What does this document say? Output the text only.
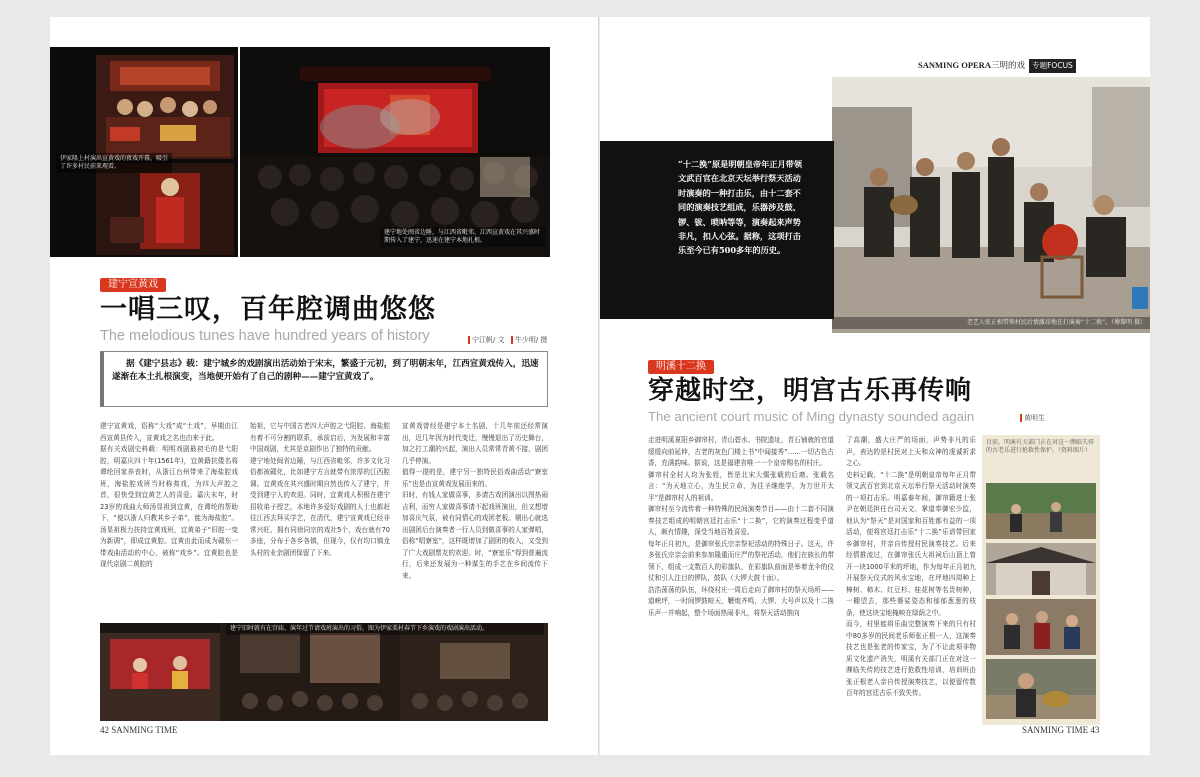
伊家隆上村演出宣黄戏的夜戏开幕，吸引了许多村民前来观看。
建宁地处闽省边陲，与江西省毗邻，江西宣黄戏在其兴盛时期传入了建宁，迅速在建宁本地扎根。
建宁宣黄戏
一唱三叹，百年腔调曲悠悠
The melodious tunes have hundred years of history	宁江帆/ 文 牛少明/ 摄
据《建宁县志》载：建宁城乡的戏剧演出活动始于宋末，繁盛于元初，到了明朝末年，江西宣黄戏传入，迅速遂渐在本土扎根演变，当地便开始有了自己的剧种——建宁宣黄戏了。
建宁宣黄戏，俗称“大戏”或“土戏”，早期由江西宣黄县传入，宣黄戏之名也由来于此。
据有关戏剧史料载：明明戏剧最初毛的是弋阳腔，明嘉庆四十年(1561年)，宜黄籍抗倭名将谭纶回家养丧时，从浙江台州带来了海盐腔戏班，海盐腔戏班当时称弗戏，为四大声腔之首，很快受到宜黄艺人的喜爱。嘉庆末年，时23岁的戏曲大师汤显祖到宜黄，在谭纶的帮助下，“便以浙人归教其乡子弟”，能为海盐腔”。汤显祖极力扶持宜黄戏班，宜黄弟子“旧腔一变为新调”，即成宜黄腔。宜黄由此而成为赣东一带戏曲活动的中心，被称“戏乡”。宜黄腔也是现代京剧二黄腔的
始祖，它与中国古老四大声腔之弋阳腔、海盐腔有着不可分割的联系，承前启后，为发展和丰富中国戏剧，尤其是京剧作出了独特的贡献。
建宁地处闽省边陲，与江西省毗邻，许多文化习俗都被赣化，比如建宁方言就带有浓厚的江西腔调。宜黄戏在其兴盛时期自然也传入了建宁，并受到建宁人的欢迎。同时，宜黄戏人积极在建宁招收弟子授艺，本地许多爱好戏剧的人士也都赶往江西去拜买学艺，在清代，建宁宣黄戏已经非常兴旺，拥有同徐同宗的戏社5个，戏台就有70多座，分布于各乡各镇，但现今，仅有均口镇龙头村的业余剧团保留了下来。
宣黄戏曾经是建宁本土名剧，十几年前还经常演出，近几年因为时代变迁，慢慢退出了历史舞台，加之打工潮的兴起，演出人员常常青黄不接，剧团几乎停演。
值得一提的是，建宁另一独特民俗戏曲活动“寮室乐”也是由宣黄戏发展而来的。
旧时，有钱人家做喜事，多请古戏团演出以图热闹吉利，而穷人家做喜事请不起戏班演出，但又想增加喜庆气氛，被有同情心的戏团老板。剔出心就选出剧团后台演奏者一行人员到做喜事的人家弹唱，俗称“唱寮室”，这样既增加了剧团的收入，又受到了广大戏剧票友的欢迎。时，“寮室乐”得到普遍流行，后来还发展为一种谋生的手艺在乡间流传下来。
建宁旧时就有在宫庙、演年过节请戏班演出的习俗。图为伊家栗村春节下乡演戏的戏剧演出活动。
42 SANMING TIME
SANMING OPERA三明的戏 专题FOCUS
老艺人张正相带领村民后情激昂地在打演奏“十二换”。（傅黎明 摄）
“十二换”原是明朝皇帝年正月带领文武百官在北京天坛举行祭天活动时演奏的一种打击乐，由十二套不同的演奏技艺组成，乐器涉及鼓、锣、钹、唢呐等等，演奏起来声势非凡，扣人心弦。据称，这项打击乐至今已有500多年的历史。
明溪十二换
穿越时空，明宫古乐再传响
The ancient court music of Ming dynasty sounded again	黄明生
走进明溪夏阳乡御帘村，青山碧水、书院遗址，青石铺就的官道缓缓向前延伸，古老的灰色门楼上书“中闻接秀”……一切古色古香，充满韵味。据说，这是福建省唯一一个皇帝赐名的村庄。
御帘村全村人均为张姓，皆是北宋大儒张载的后裔。张载名言：“为天地立心，为生民立命，为往圣继绝学，为万世开太平”是御帘村人的祖训。
御帘村至今流传着一种特殊的民间演奏节目——由十二套不同演奏技艺组成的明朝宫廷打击乐“十二换”，它的演奏过程变乎道人，颇有情趣，深受当地百姓喜爱。
每年正月初九，是御帘张氏宗亲祭祀活动的特殊日子。这天，许多张氏宗亲会前来参加隆重而庄严的祭祀活动，他们在族长的带领下，组成一支数百人的彩旗队，在彩旗队前面是举着龙伞的仪仗和引人注目的锣队，鼓队（大锣大鼓十面）。
浩浩荡荡的队伍，环绕村庄一周后走向了御帘村的祭天场所——道峡坪，一时间锣鼓喧天，鞭炮齐鸣，大锣、大号声以及十二换乐声一并响起，整个场面热闹非凡，将祭天活动推向
了高潮，盛大庄严的场面，声势非凡的乐声，表达的是村民对上天和众神的虔诚祈求之心。
史料记载，“十二换”是明朝皇帝每年正月带领文武百官到北京天坛举行祭天活动时演奏的一项打击乐。明嘉泰年间，御帘籍进士张尹在朝廷担任台司天文、掌道奉御宏少监，他认为“祭天”是对国家和百姓都有益的一项活动，便将宫廷打击乐“十二换”乐谱带回家乡御帘村，并亲自传授村民演奏技艺。后来经情推流过，在御帘张氏大祖祠后山顶上曾开一块1000平米的坪地，作为每年正月初九开展祭天仪式的风水宝地，在坪地四周种上樟树、柿木、红豆杉、桂花树等名贵树种，一棚望去，那些婆娑姿态和郁郁葱葱的枝条，使这块宝地掩映在绿荫之中。
而今，村里能将乐曲完整演奏下来的只有村中80多岁的民间老乐师张正根一人，这演奏技艺也是张老的传家宝，为了不让此项非物质文化遗产消失，明溪有关部门正在对这一濒临失传的技艺进行抢救性培训，培训班由张正根老人亲自传授演奏技艺，以便留传数百年的宫廷古乐不致失传。
目前，明溪有关部门正在对这一濒临失传的古老乐进行抢救性保护。（资料图片）
SANMING TIME 43
